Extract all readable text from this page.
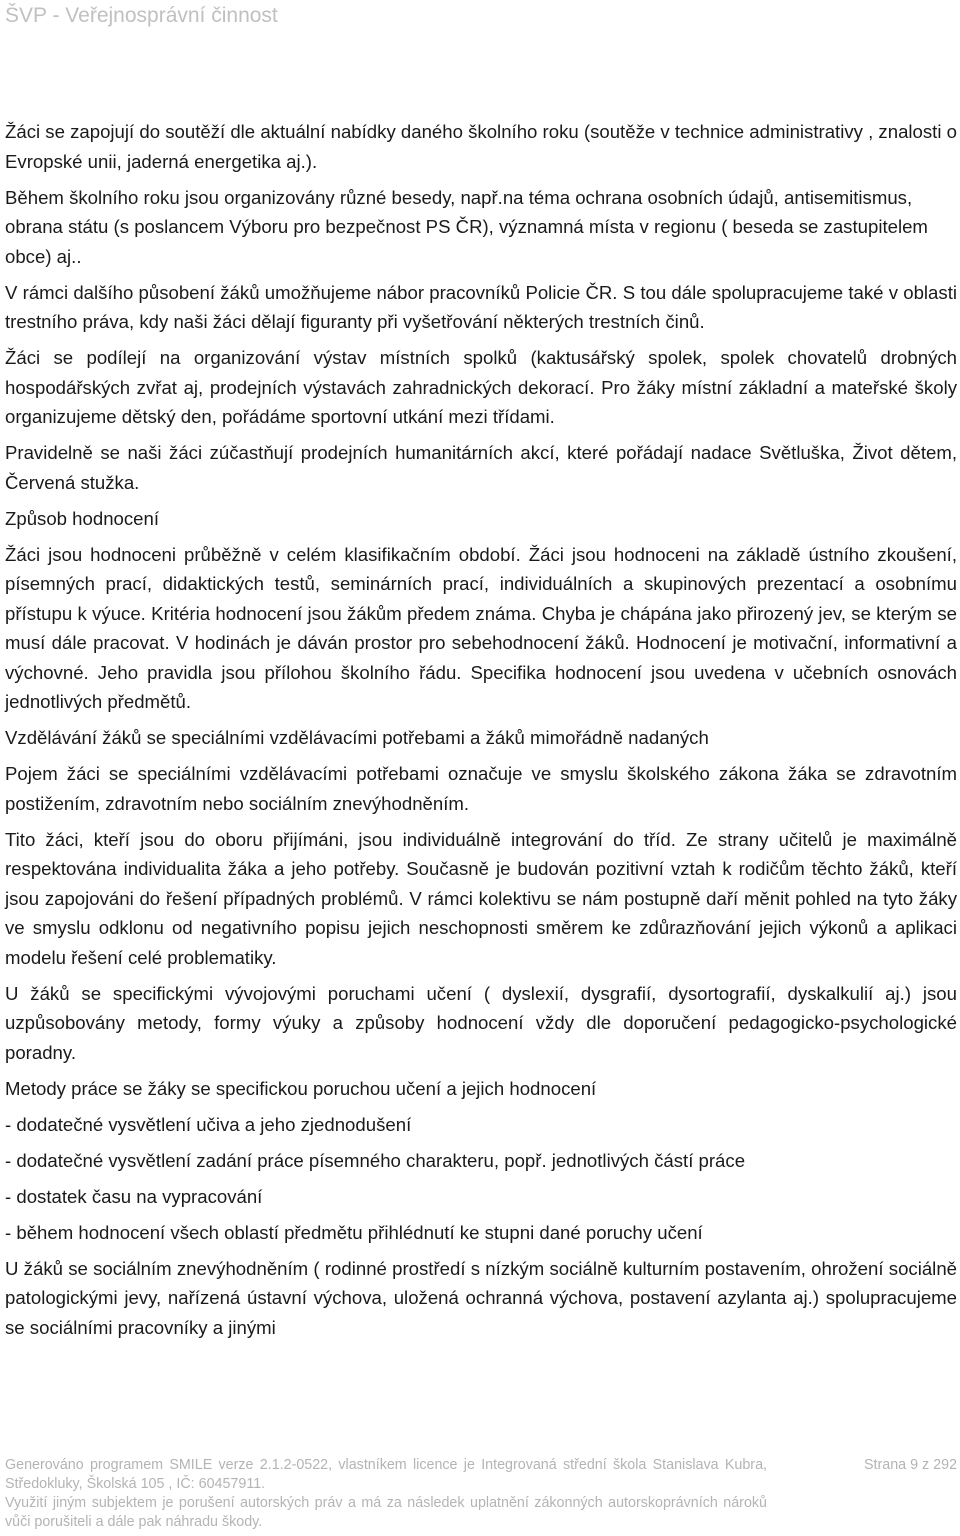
ŠVP - Veřejnosprávní činnost

Žáci se zapojují do soutěží dle aktuální nabídky daného školního roku (soutěže v technice administrativy , znalosti o Evropské unii, jaderná energetika aj.).

Během školního roku jsou organizovány různé besedy, např.na téma ochrana osobních údajů, antisemitismus, obrana státu (s poslancem Výboru pro bezpečnost PS ČR), významná místa v regionu ( beseda se zastupitelem obce) aj..

V rámci dalšího působení žáků umožňujeme nábor pracovníků Policie ČR. S tou dále spolupracujeme také v oblasti trestního práva, kdy naši žáci dělají figuranty při vyšetřování některých trestních činů.

Žáci se podílejí na organizování výstav místních spolků (kaktusářský spolek, spolek chovatelů drobných hospodářských zvřat aj, prodejních výstavách zahradnických dekorací. Pro žáky místní základní a mateřské školy organizujeme dětský den, pořádáme sportovní utkání mezi třídami.

Pravidelně se naši žáci zúčastňují prodejních humanitárních akcí, které pořádají nadace Světluška, Život dětem, Červená stužka.

Způsob hodnocení

Žáci jsou hodnoceni průběžně v celém klasifikačním období. Žáci jsou hodnoceni na základě ústního zkoušení, písemných prací, didaktických testů, seminárních prací, individuálních a skupinových prezentací a osobnímu přístupu k výuce. Kritéria hodnocení jsou žákům předem známa. Chyba je chápána jako přirozený jev, se kterým se musí dále pracovat. V hodinách je dáván prostor pro sebehodnocení žáků. Hodnocení je motivační, informativní a výchovné. Jeho pravidla jsou přílohou školního řádu. Specifika hodnocení jsou uvedena v učebních osnovách jednotlivých předmětů.

Vzdělávání žáků se speciálními vzdělávacími potřebami a žáků mimořádně nadaných

Pojem žáci se speciálními vzdělávacími potřebami označuje ve smyslu školského zákona žáka se zdravotním postižením, zdravotním nebo sociálním znevýhodněním.

Tito žáci, kteří jsou do oboru přijímáni, jsou individuálně integrování do tříd. Ze strany učitelů je maximálně respektována individualita žáka a jeho potřeby. Současně je budován pozitivní vztah k rodičům těchto žáků, kteří jsou zapojováni do řešení případných problémů. V rámci kolektivu se nám postupně daří měnit pohled na tyto žáky ve smyslu odklonu od negativního popisu jejich neschopnosti směrem ke zdůrazňování jejich výkonů a aplikaci modelu řešení celé problematiky.

U žáků se specifickými vývojovými poruchami učení ( dyslexií, dysgrafií, dysortografií, dyskalkulií aj.) jsou uzpůsobovány metody, formy výuky a způsoby hodnocení vždy dle doporučení pedagogicko-psychologické poradny.

Metody práce se žáky se specifickou poruchou učení a jejich hodnocení

- dodatečné vysvětlení učiva a jeho zjednodušení

- dodatečné vysvětlení zadání práce písemného charakteru, popř. jednotlivých částí práce

- dostatek času na vypracování

- během hodnocení všech oblastí předmětu přihlédnutí ke stupni dané poruchy učení

U žáků se sociálním znevýhodněním ( rodinné prostředí s nízkým sociálně kulturním postavením, ohrožení sociálně patologickými jevy, nařízená ústavní výchova, uložená ochranná výchova, postavení azylanta aj.) spolupracujeme se sociálními pracovníky a jinými

Generováno programem SMILE verze 2.1.2-0522, vlastníkem licence je Integrovaná střední škola Stanislava Kubra, Středokluky, Školská 105 , IČ: 60457911.
Strana 9 z 292
Využití jiným subjektem je porušení autorských práv a má za následek uplatnění zákonných autorskoprávních nároků vůči porušiteli a dále pak náhradu škody.
